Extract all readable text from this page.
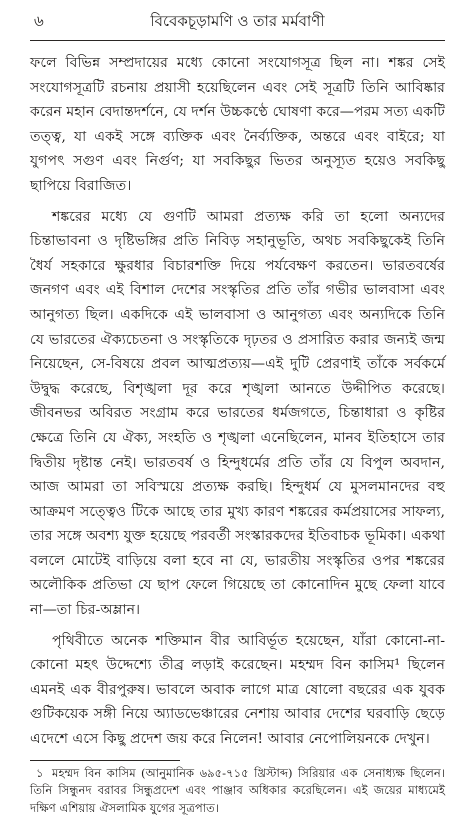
৬	বিবেকচূড়ামণি ও তার মর্মবাণী

ফলে বিভিন্ন সম্প্রদায়ের মধ্যে কোনো সংযোগসূত্র ছিল না। শঙ্কর সেই সংযোগসূত্রটি রচনায় প্রয়াসী হয়েছিলেন এবং সেই সূত্রটি তিনি আবিষ্কার করেন মহান বেদান্তদর্শনে, যে দর্শন উচ্চকণ্ঠে ঘোষণা করে—পরম সত্য একটি তত্ত্ব, যা একই সঙ্গে ব্যক্তিক এবং নৈর্ব্যক্তিক, অন্তরে এবং বাইরে; যা যুগপৎ সগুণ এবং নির্গুণ; যা সবকিছুর ভিতর অনুস্যূত হয়েও সবকিছু ছাপিয়ে বিরাজিত।

শঙ্করের মধ্যে যে গুণটি আমরা প্রত্যক্ষ করি তা হলো অন্যদের চিন্তাভাবনা ও দৃষ্টিভঙ্গির প্রতি নিবিড় সহানুভূতি, অথচ সবকিছুকেই তিনি ধৈর্য সহকারে ক্ষুরধার বিচারশক্তি দিয়ে পর্যবেক্ষণ করতেন। ভারতবর্ষের জনগণ এবং এই বিশাল দেশের সংস্কৃতির প্রতি তাঁর গভীর ভালবাসা এবং আনুগত্য ছিল। একদিকে এই ভালবাসা ও আনুগত্য এবং অন্যদিকে তিনি যে ভারতের ঐক্যচেতনা ও সংস্কৃতিকে দৃঢ়তর ও প্রসারিত করার জন্যই জন্ম নিয়েছেন, সে-বিষয়ে প্রবল আত্মপ্রত্যয়—এই দুটি প্রেরণাই তাঁকে সর্বকর্মে উদ্বুদ্ধ করেছে, বিশৃঙ্খলা দূর করে শৃঙ্খলা আনতে উদ্দীপিত করেছে। জীবনভর অবিরত সংগ্রাম করে ভারতের ধর্মজগতে, চিন্তাধারা ও কৃষ্টির ক্ষেত্রে তিনি যে ঐক্য, সংহতি ও শৃঙ্খলা এনেছিলেন, মানব ইতিহাসে তার দ্বিতীয় দৃষ্টান্ত নেই। ভারতবর্ষ ও হিন্দুধর্মের প্রতি তাঁর যে বিপুল অবদান, আজ আমরা তা সবিস্ময়ে প্রত্যক্ষ করছি। হিন্দুধর্ম যে মুসলমানদের বহু আক্রমণ সত্ত্বেও টিকে আছে তার মুখ্য কারণ শঙ্করের কর্মপ্রয়াসের সাফল্য, তার সঙ্গে অবশ্য যুক্ত হয়েছে পরবর্তী সংস্কারকদের ইতিবাচক ভূমিকা। একথা বললে মোটেই বাড়িয়ে বলা হবে না যে, ভারতীয় সংস্কৃতির ওপর শঙ্করের অলৌকিক প্রতিভা যে ছাপ ফেলে গিয়েছে তা কোনোদিন মুছে ফেলা যাবে না—তা চির-অম্লান।

পৃথিবীতে অনেক শক্তিমান বীর আবির্ভূত হয়েছেন, যাঁরা কোনো-না-কোনো মহৎ উদ্দেশ্যে তীব্র লড়াই করেছেন। মহম্মদ বিন কাসিম¹ ছিলেন এমনই এক বীরপুরুষ। ভাবলে অবাক লাগে মাত্র ষোলো বছরের এক যুবক গুটিকয়েক সঙ্গী নিয়ে অ্যাডভেঞ্চারের নেশায় আবার দেশের ঘরবাড়ি ছেড়ে এদেশে এসে কিছু প্রদেশ জয় করে নিলেন! আবার নেপোলিয়নকে দেখুন।

১ মহম্মদ বিন কাসিম (আনুমানিক ৬৯৫-৭১৫ খ্রিস্টাব্দ) সিরিয়ার এক সেনাধ্যক্ষ ছিলেন। তিনি সিন্ধুনদ বরাবর সিন্ধুপ্রদেশ এবং পাঞ্জাব অধিকার করেছিলেন। এই জয়ের মাধ্যমেই দক্ষিণ এশিয়ায় ঐসলামিক যুগের সূত্রপাত।
